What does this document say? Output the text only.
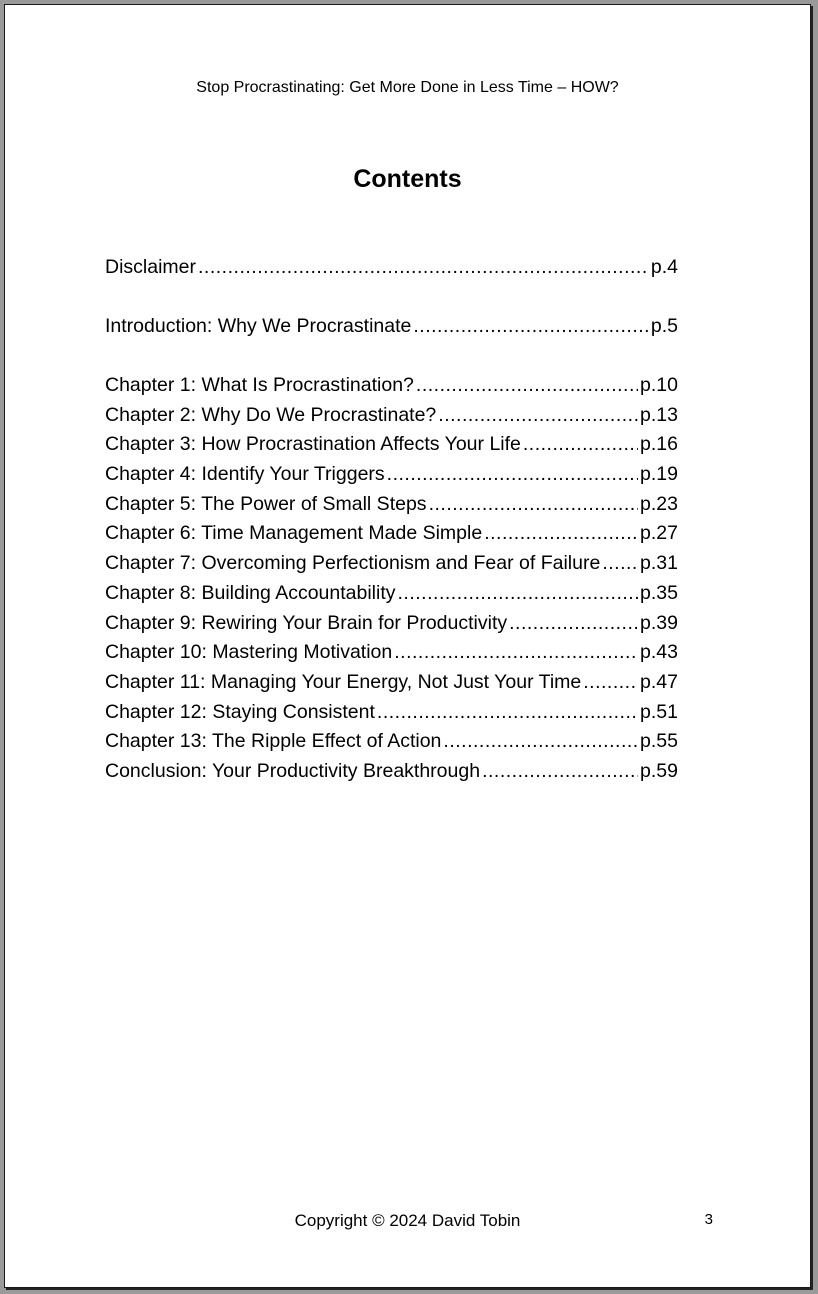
Stop Procrastinating: Get More Done in Less Time – HOW?
Contents
Disclaimer .....	p.4
Introduction: Why We Procrastinate .....	p.5
Chapter 1: What Is Procrastination? .....	p.10
Chapter 2: Why Do We Procrastinate? .....	p.13
Chapter 3: How Procrastination Affects Your Life .....	p.16
Chapter 4: Identify Your Triggers .....	p.19
Chapter 5: The Power of Small Steps .....	p.23
Chapter 6: Time Management Made Simple .....	p.27
Chapter 7: Overcoming Perfectionism and Fear of Failure ..... p.31
Chapter 8: Building Accountability .....	p.35
Chapter 9: Rewiring Your Brain for Productivity .....	p.39
Chapter 10: Mastering Motivation .....	p.43
Chapter 11: Managing Your Energy, Not Just Your Time .....	p.47
Chapter 12: Staying Consistent .....	p.51
Chapter 13: The Ripple Effect of Action .....	p.55
Conclusion: Your Productivity Breakthrough .....	p.59
Copyright © 2024 David Tobin	3
